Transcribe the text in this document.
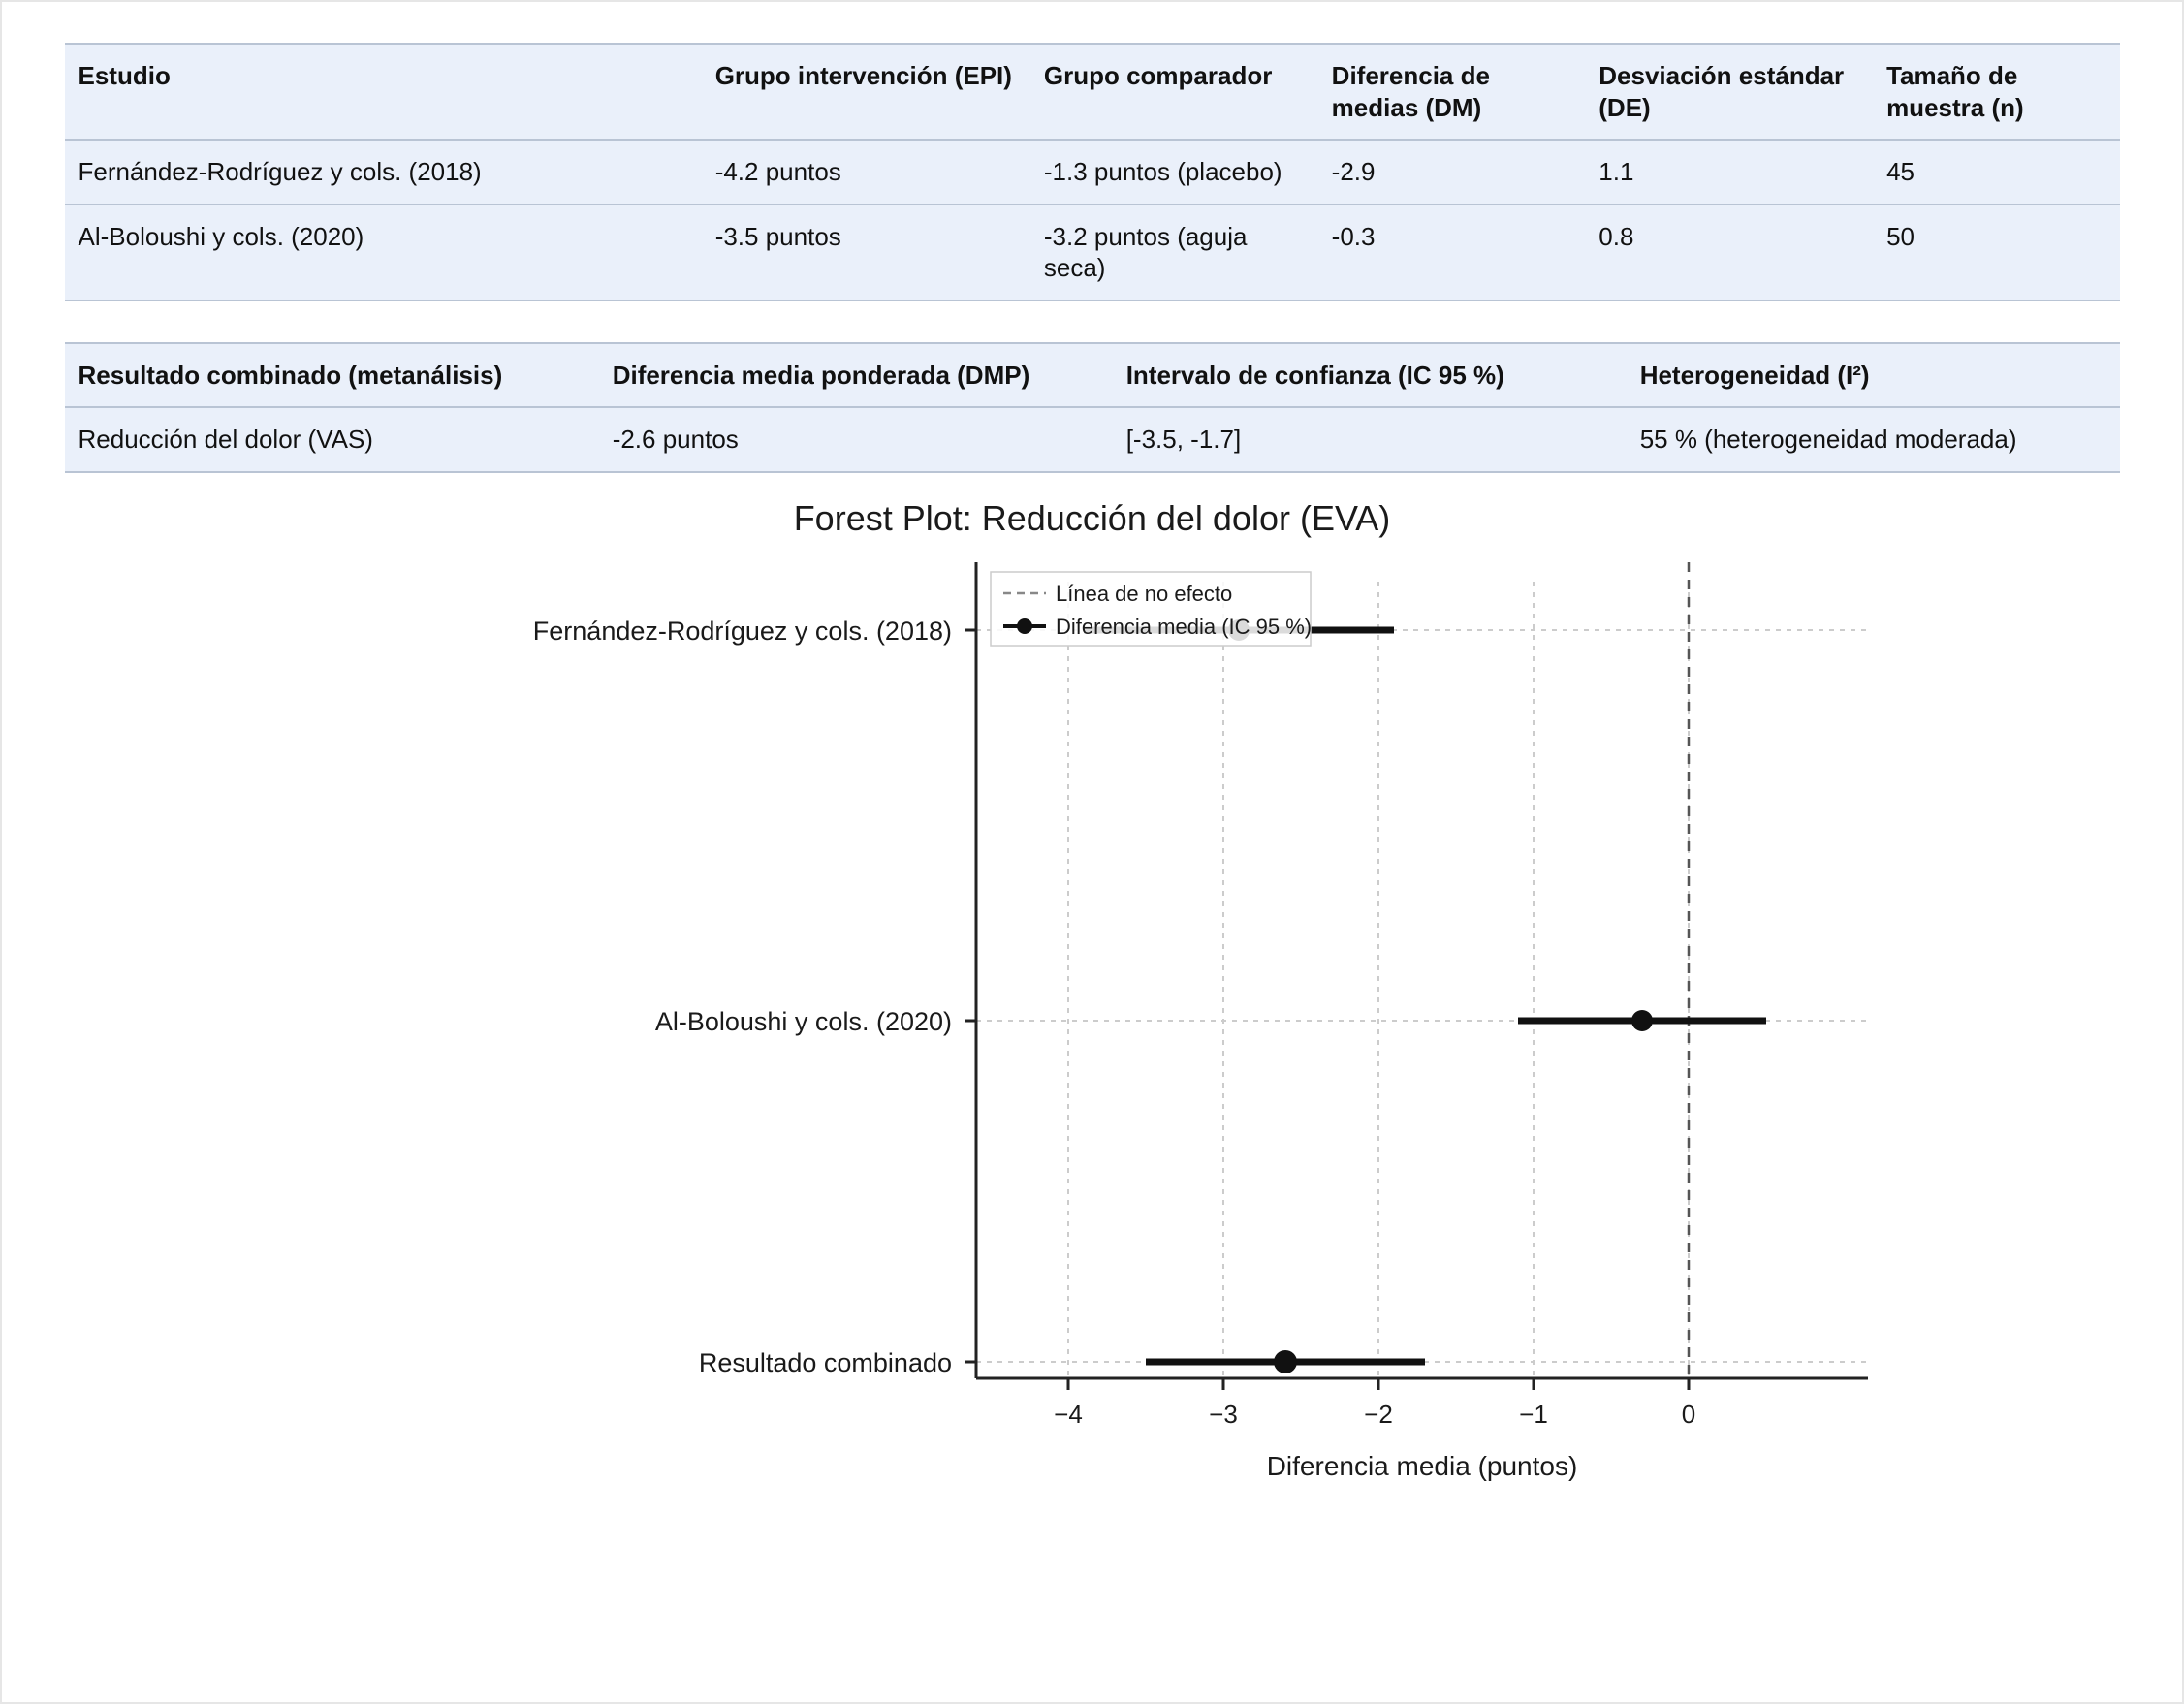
Estudio	Grupo intervención (EPI)	Grupo comparador	Diferencia de medias (DM)	Desviación estándar (DE)	Tamaño de muestra (n)
Fernández-Rodríguez y cols. (2018)	-4.2 puntos	-1.3 puntos (placebo)	-2.9	1.1	45
Al-Boloushi y cols. (2020)	-3.5 puntos	-3.2 puntos (aguja seca)	-0.3	0.8	50
Resultado combinado (metanálisis)	Diferencia media ponderada (DMP)	Intervalo de confianza (IC 95 %)	Heterogeneidad (I²)
Reducción del dolor (VAS)	-2.6 puntos	[-3.5, -1.7]	55 % (heterogeneidad moderada)
Forest Plot: Reducción del dolor (EVA)
−4	−3	−2	−1	0
Fernández-Rodríguez y cols. (2018)
Al-Boloushi y cols. (2020)
Resultado combinado
Línea de no efecto
Diferencia media (IC 95 %)
Diferencia media (puntos)
